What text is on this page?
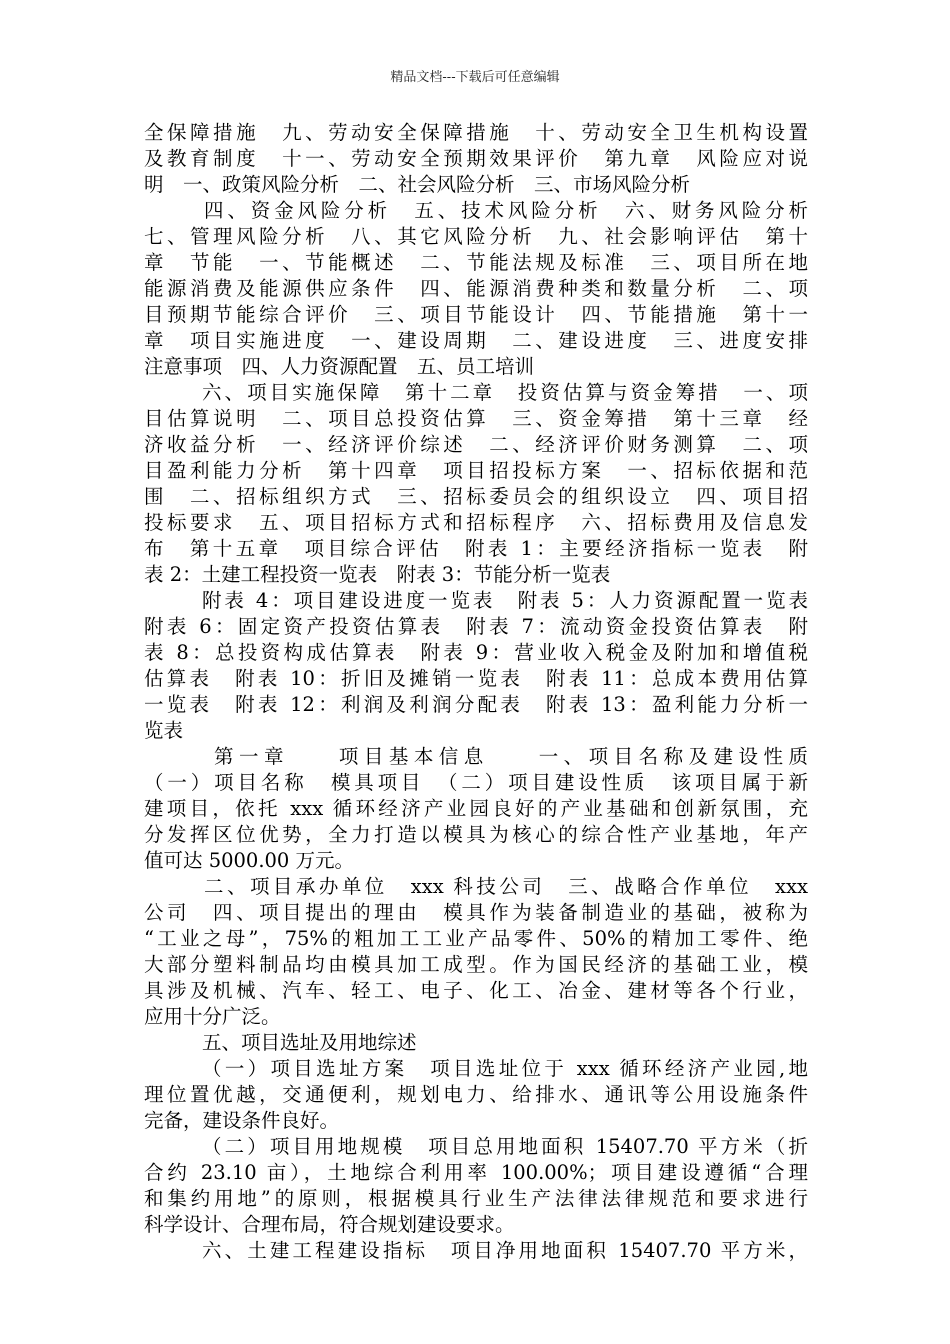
精品文档---下载后可任意编辑
全保障措施　九、劳动安全保障措施　十、劳动安全卫生机构设置
及教育制度　十一、劳动安全预期效果评价　第九章　风险应对说
明　一、政策风险分析　二、社会风险分析　三、市场风险分析
四、资金风险分析　五、技术风险分析　六、财务风险分析
七、管理风险分析　八、其它风险分析　九、社会影响评估　第十
章　节能　一、节能概述　二、节能法规及标准　三、项目所在地
能源消费及能源供应条件　四、能源消费种类和数量分析　二、项
目预期节能综合评价　三、项目节能设计　四、节能措施　第十一
章　项目实施进度　一、建设周期　二、建设进度　三、进度安排
注意事项　四、人力资源配置　五、员工培训
六、项目实施保障　第十二章　投资估算与资金筹措　一、项
目估算说明　二、项目总投资估算　三、资金筹措　第十三章　经
济收益分析　一、经济评价综述　二、经济评价财务测算　二、项
目盈利能力分析　第十四章　项目招投标方案　一、招标依据和范
围　二、招标组织方式　三、招标委员会的组织设立　四、项目招
投标要求　五、项目招标方式和招标程序　六、招标费用及信息发
布　第十五章　项目综合评估　附表 1：主要经济指标一览表　附
表 2：土建工程投资一览表　附表 3：节能分析一览表
附表 4：项目建设进度一览表　附表 5：人力资源配置一览表
附表 6：固定资产投资估算表　附表 7：流动资金投资估算表　附
表 8：总投资构成估算表　附表 9：营业收入税金及附加和增值税
估算表　附表 10：折旧及摊销一览表　附表 11：总成本费用估算
一览表　附表 12：利润及利润分配表　附表 13：盈利能力分析一
览表
第一章　　项目基本信息　　一、项目名称及建设性质
（一）项目名称　模具项目　（二）项目建设性质　该项目属于新
建项目，依托 xxx 循环经济产业园良好的产业基础和创新氛围，充
分发挥区位优势，全力打造以模具为核心的综合性产业基地，年产
值可达 5000.00 万元。
二、项目承办单位　xxx 科技公司　三、战略合作单位　xxx
公司　四、项目提出的理由　模具作为装备制造业的基础，被称为
“工业之母”，75%的粗加工工业产品零件、50%的精加工零件、绝
大部分塑料制品均由模具加工成型。作为国民经济的基础工业，模
具涉及机械、汽车、轻工、电子、化工、冶金、建材等各个行业，
应用十分广泛。
五、项目选址及用地综述
（一）项目选址方案　项目选址位于 xxx 循环经济产业园,地
理位置优越，交通便利，规划电力、给排水、通讯等公用设施条件
完备，建设条件良好。
（二）项目用地规模　项目总用地面积 15407.70 平方米（折
合约 23.10 亩），土地综合利用率 100.00%；项目建设遵循“合理
和集约用地”的原则，根据模具行业生产法律法律规范和要求进行
科学设计、合理布局，符合规划建设要求。
六、土建工程建设指标　项目净用地面积 15407.70 平方米，
